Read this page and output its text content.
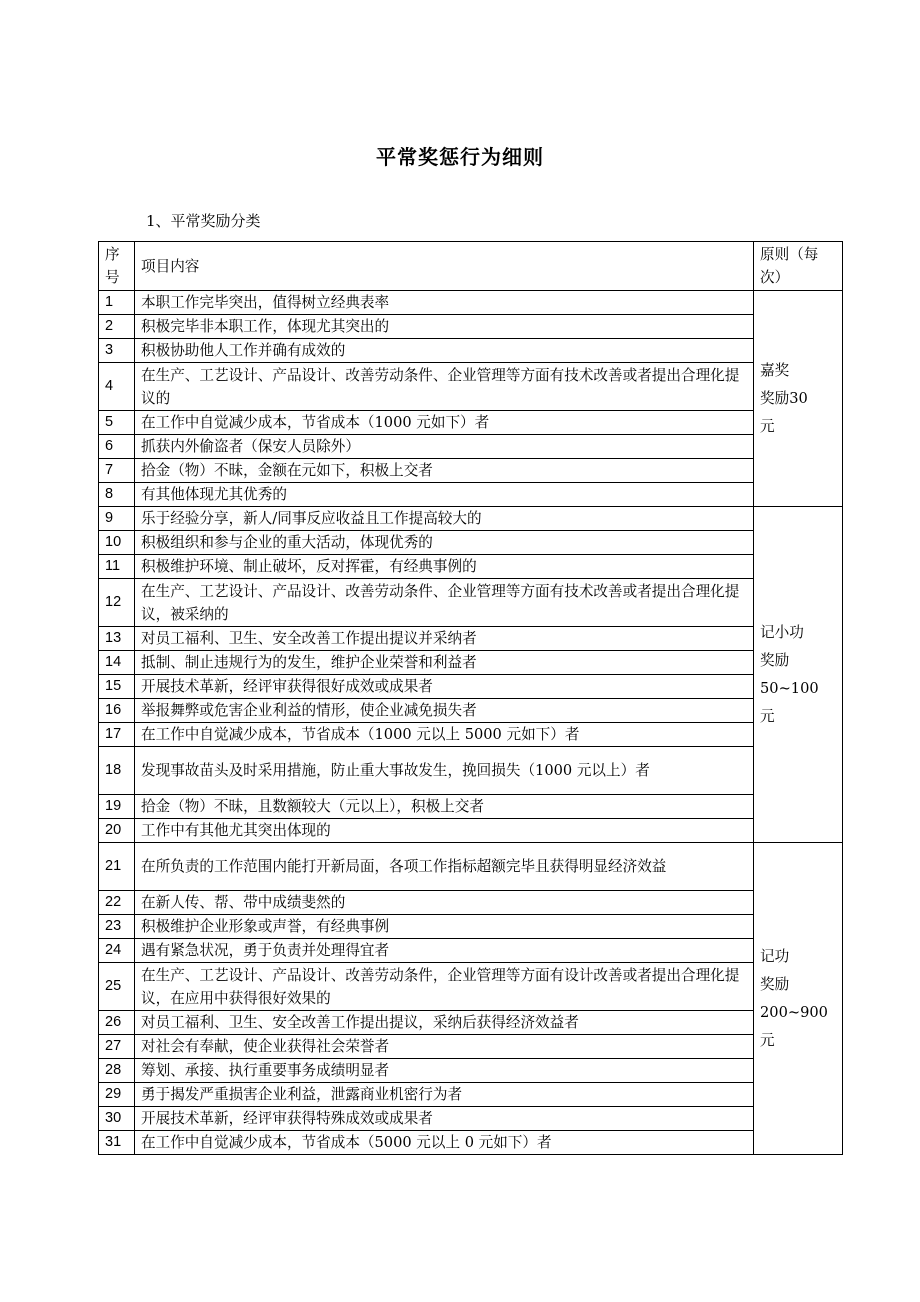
平常奖惩行为细则
1、平常奖励分类
序号	项目内容	原则（每次）
1	本职工作完毕突出，值得树立经典表率	嘉奖
奖励30
元
2	积极完毕非本职工作，体现尤其突出的	
3	积极协助他人工作并确有成效的	
4	在生产、工艺设计、产品设计、改善劳动条件、企业管理等方面有技术改善或者提出合理化提议的	
5	在工作中自觉减少成本，节省成本（1000 元如下）者	
6	抓获内外偷盗者（保安人员除外）	
7	拾金（物）不昧，金额在元如下，积极上交者	
8	有其他体现尤其优秀的	
9	乐于经验分享，新人/同事反应收益且工作提高较大的	记小功
奖励
50~100
元
10	积极组织和参与企业的重大活动，体现优秀的	
11	积极维护环境、制止破坏，反对挥霍，有经典事例的	
12	在生产、工艺设计、产品设计、改善劳动条件、企业管理等方面有技术改善或者提出合理化提议，被采纳的	
13	对员工福利、卫生、安全改善工作提出提议并采纳者	
14	抵制、制止违规行为的发生，维护企业荣誉和利益者	
15	开展技术革新，经评审获得很好成效或成果者	
16	举报舞弊或危害企业利益的情形，使企业减免损失者	
17	在工作中自觉减少成本，节省成本（1000 元以上 5000 元如下）者	
18	发现事故苗头及时采用措施，防止重大事故发生，挽回损失（1000 元以上）者	
19	拾金（物）不昧，且数额较大（元以上），积极上交者	
20	工作中有其他尤其突出体现的	
21	在所负责的工作范围内能打开新局面，各项工作指标超额完毕且获得明显经济效益	记功
奖励
200~900
元
22	在新人传、帮、带中成绩斐然的	
23	积极维护企业形象或声誉，有经典事例	
24	遇有紧急状况，勇于负责并处理得宜者	
25	在生产、工艺设计、产品设计、改善劳动条件，企业管理等方面有设计改善或者提出合理化提议，在应用中获得很好效果的	
26	对员工福利、卫生、安全改善工作提出提议，采纳后获得经济效益者	
27	对社会有奉献，使企业获得社会荣誉者	
28	筹划、承接、执行重要事务成绩明显者	
29	勇于揭发严重损害企业利益，泄露商业机密行为者	
30	开展技术革新，经评审获得特殊成效或成果者	
31	在工作中自觉减少成本，节省成本（5000 元以上 0 元如下）者	
